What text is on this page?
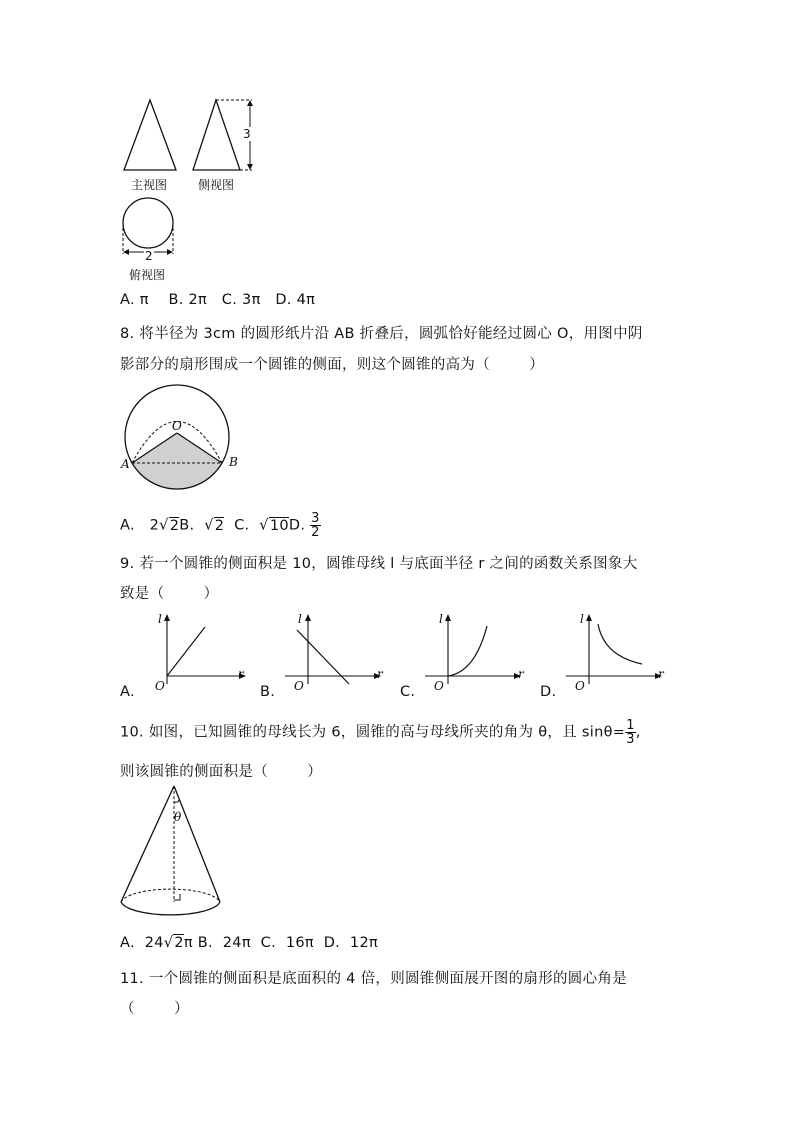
主视图
3
侧视图
2
俯视图
A. π    B. 2π   C. 3π   D. 4π
8. 将半径为 3cm 的圆形纸片沿 AB 折叠后，圆弧恰好能经过圆心 O，用图中阴
影部分的扇形围成一个圆锥的侧面，则这个圆锥的高为（        ）
O
A	B
A. 2√2B.  √2 C.  √10D. $\frac{3}{2}$
9. 若一个圆锥的侧面积是 10，圆锥母线 l 与底面半径 r 之间的函数关系图象大
致是（        ）
l
r
O
A.
l
r
O
B.
l
r
O
C.
l
r
O
D.
10. 如图，已知圆锥的母线长为 6，圆锥的高与母线所夹的角为 θ，且 $\sin\theta= \frac{1}{3}$ ,
则该圆锥的侧面积是（        ）
θ
A. 24√2π B.  24π  C.  16π  D.  12π
11. 一个圆锥的侧面积是底面积的 4 倍，则圆锥侧面展开图的扇形的圆心角是
（        ）
